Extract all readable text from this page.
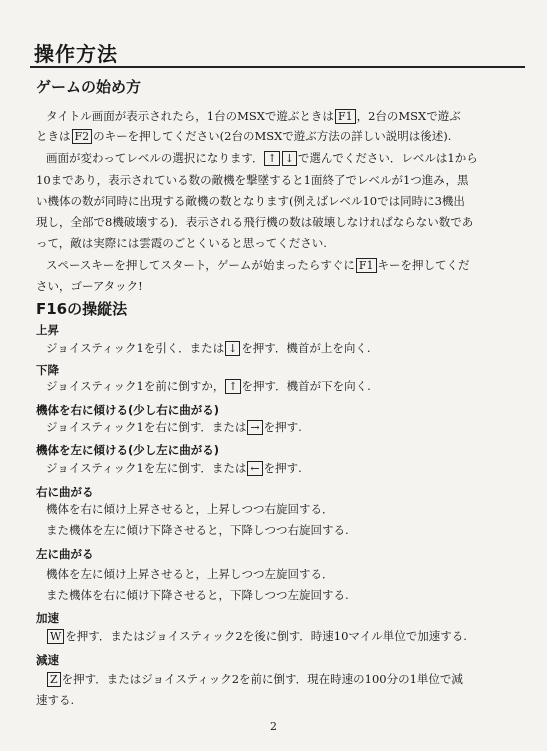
操作方法
ゲームの始め方
タイトル画面が表示されたら，1台のMSXで遊ぶときは F1 ，2台のMSXで遊ぶ
ときは F2 のキーを押してください(2台のMSXで遊ぶ方法の詳しい説明は後述).
画面が変わってレベルの選択になります． ↑ ↓ で選んでください．レベルは1から
10まであり，表示されている数の敵機を撃墜すると1面終了でレベルが1つ進み，黒
い機体の数が同時に出現する敵機の数となります(例えばレベル10では同時に3機出
現し，全部で8機破壊する)．表示される飛行機の数は破壊しなければならない数であ
って，敵は実際には雲霞のごとくいると思ってください.
スペースキーを押してスタート，ゲームが始まったらすぐに F1 キーを押してくだ
さい，ゴーアタック!
F16の操縦法
上昇
ジョイスティック1を引く．または ↓ を押す．機首が上を向く.
下降
ジョイスティック1を前に倒すか， ↑ を押す．機首が下を向く.
機体を右に傾ける(少し右に曲がる)
ジョイスティック1を右に倒す．または → を押す.
機体を左に傾ける(少し左に曲がる)
ジョイスティック1を左に倒す．または ← を押す.
右に曲がる
機体を右に傾け上昇させると，上昇しつつ右旋回する．
また機体を左に傾け下降させると，下降しつつ右旋回する.
左に曲がる
機体を左に傾け上昇させると，上昇しつつ左旋回する．
また機体を右に傾け下降させると，下降しつつ左旋回する.
加速
W を押す．またはジョイスティック2を後に倒す．時速10マイル単位で加速する.
減速
Z を押す．またはジョイスティック2を前に倒す．現在時速の100分の1単位で減
速する.
2
